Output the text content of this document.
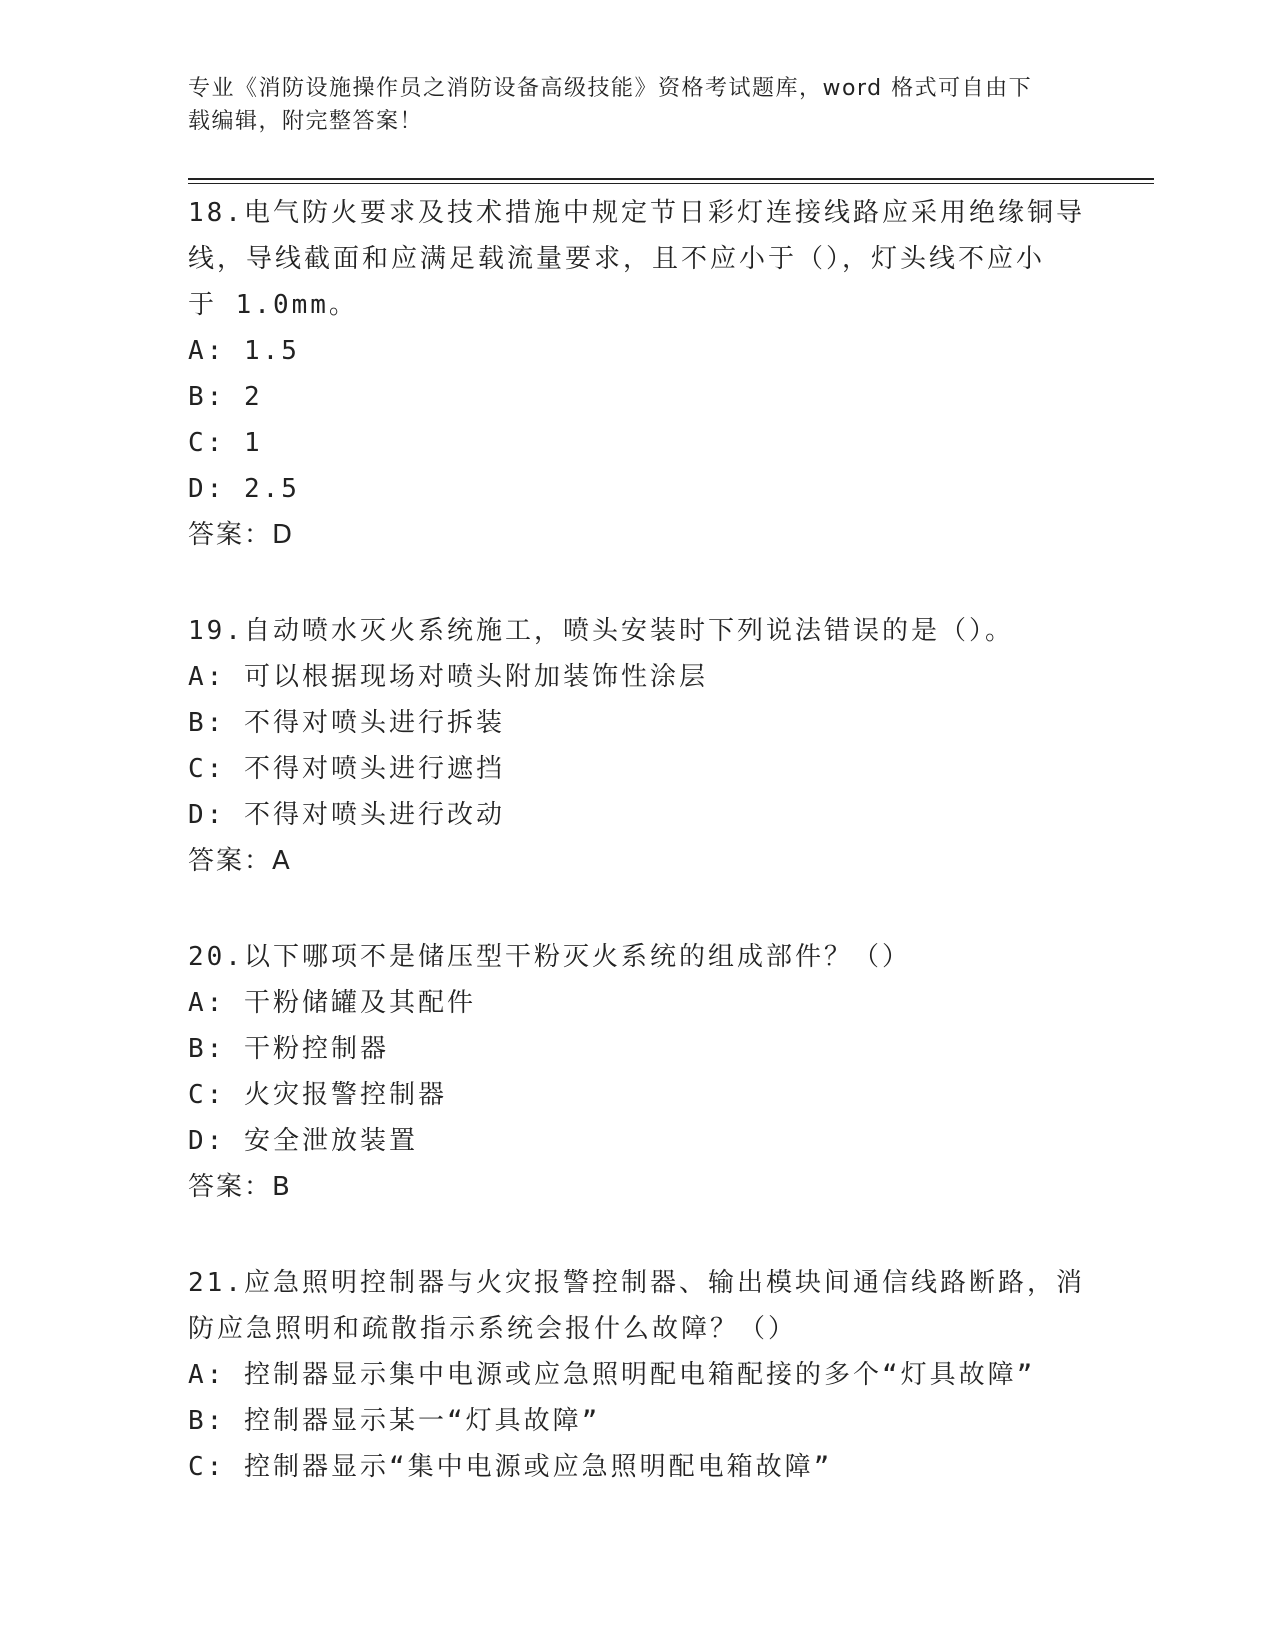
专业《消防设施操作员之消防设备高级技能》资格考试题库，word 格式可自由下
载编辑，附完整答案！

18.电气防火要求及技术措施中规定节日彩灯连接线路应采用绝缘铜导

线，导线截面和应满足载流量要求，且不应小于（），灯头线不应小

于 1.0mm。

A: 1.5

B: 2

C: 1

D: 2.5

答案：D

19.自动喷水灭火系统施工，喷头安装时下列说法错误的是（）。

A: 可以根据现场对喷头附加装饰性涂层

B: 不得对喷头进行拆装

C: 不得对喷头进行遮挡

D: 不得对喷头进行改动

答案：A

20.以下哪项不是储压型干粉灭火系统的组成部件？（）

A: 干粉储罐及其配件

B: 干粉控制器

C: 火灾报警控制器

D: 安全泄放装置

答案：B

21.应急照明控制器与火灾报警控制器、输出模块间通信线路断路，消

防应急照明和疏散指示系统会报什么故障？（）

A: 控制器显示集中电源或应急照明配电箱配接的多个“灯具故障”

B: 控制器显示某一“灯具故障”

C: 控制器显示“集中电源或应急照明配电箱故障”
